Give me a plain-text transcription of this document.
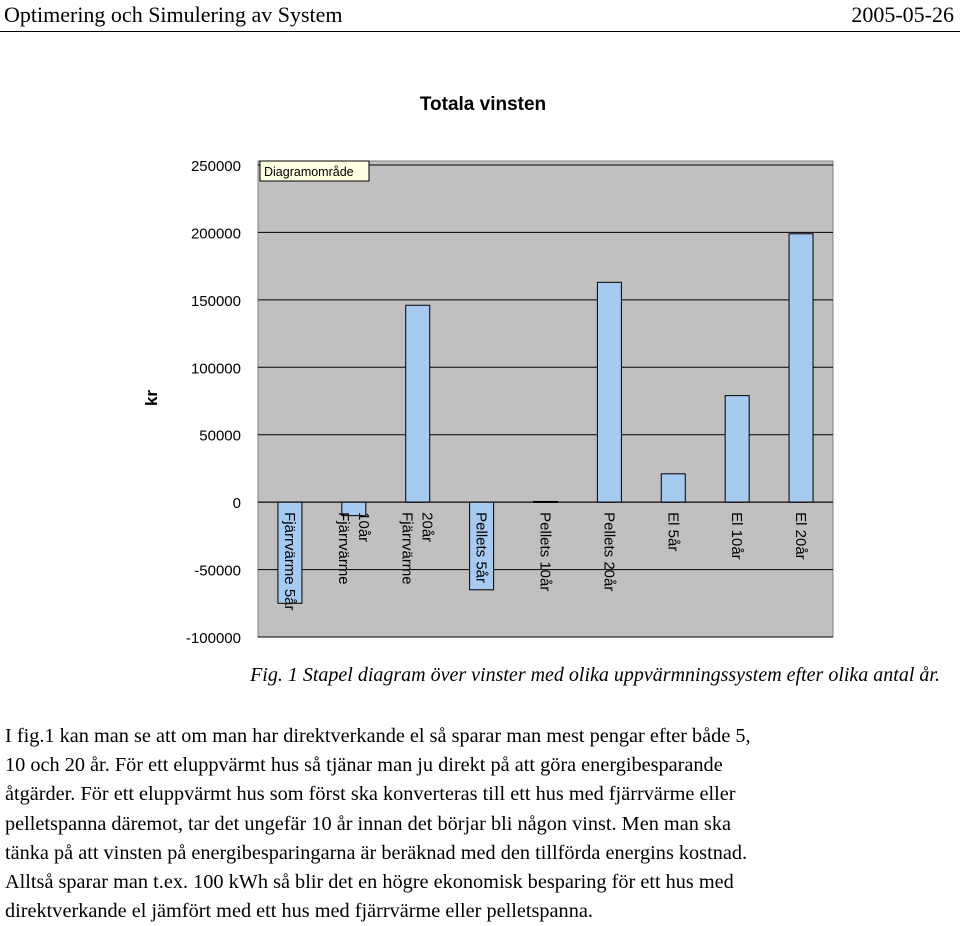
Optimering och Simulering av System	2005-05-26
Totala vinsten
kr
250000
200000
150000
100000
50000
0
-50000
-100000
Fjärrvärme 5år Fjärrvärme 10år Fjärrvärme 20år Pellets 5år	Pellets 10år	Pellets 20år	El 5år	El 10år	El 20år
Diagramområde
Fig. 1 Stapel diagram över vinster med olika uppvärmningssystem efter olika antal år.
I fig.1 kan man se att om man har direktverkande el så sparar man mest pengar efter både 5,
10 och 20 år. För ett eluppvärmt hus så tjänar man ju direkt på att göra energibesparande
åtgärder. För ett eluppvärmt hus som först ska konverteras till ett hus med fjärrvärme eller
pelletspanna däremot, tar det ungefär 10 år innan det börjar bli någon vinst. Men man ska
tänka på att vinsten på energibesparingarna är beräknad med den tillförda energins kostnad.
Alltså sparar man t.ex. 100 kWh så blir det en högre ekonomisk besparing för ett hus med
direktverkande el jämfört med ett hus med fjärrvärme eller pelletspanna.
